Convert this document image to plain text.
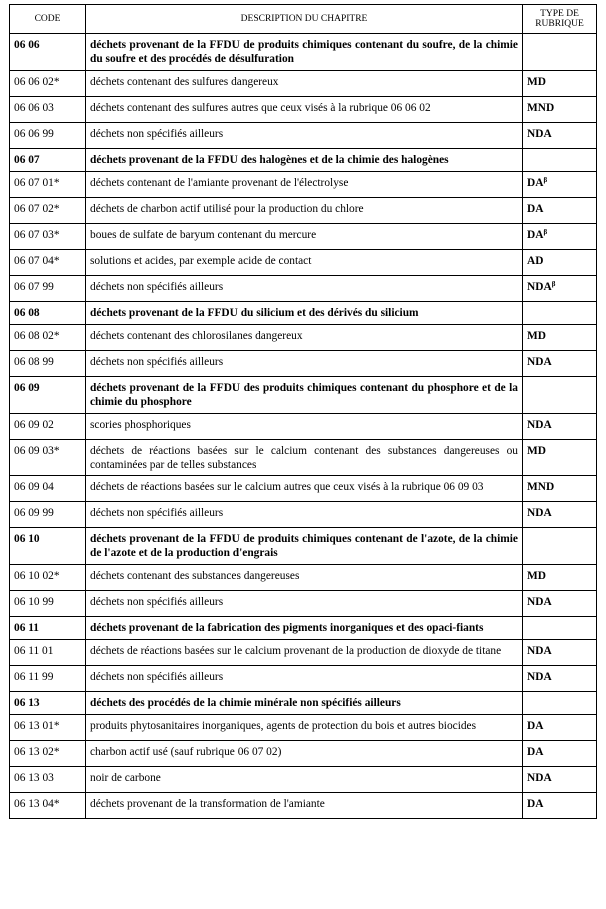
CODE	DESCRIPTION DU CHAPITRE	TYPE DE RUBRIQUE
06 06	déchets provenant de la FFDU de produits chimiques contenant du soufre, de la chimie du soufre et des procédés de désulfuration	
06 06 02*	déchets contenant des sulfures dangereux	MD
06 06 03	déchets contenant des sulfures autres que ceux visés à la rubrique 06 06 02	MND
06 06 99	déchets non spécifiés ailleurs	NDA
06 07	déchets provenant de la FFDU des halogènes et de la chimie des halogènes	
06 07 01*	déchets contenant de l'amiante provenant de l'électrolyse	$DA^\beta$
06 07 02*	déchets de charbon actif utilisé pour la production du chlore	DA
06 07 03*	boues de sulfate de baryum contenant du mercure	$DA^\beta$
06 07 04*	solutions et acides, par exemple acide de contact	AD
06 07 99	déchets non spécifiés ailleurs	$NDA^\beta$
06 08	déchets provenant de la FFDU du silicium et des dérivés du silicium	
06 08 02*	déchets contenant des chlorosilanes dangereux	MD
06 08 99	déchets non spécifiés ailleurs	NDA
06 09	déchets provenant de la FFDU des produits chimiques contenant du phosphore et de la chimie du phosphore	
06 09 02	scories phosphoriques	NDA
06 09 03*	déchets de réactions basées sur le calcium contenant des substances dangereuses ou contaminées par de telles substances	MD
06 09 04	déchets de réactions basées sur le calcium autres que ceux visés à la rubrique 06 09 03	MND
06 09 99	déchets non spécifiés ailleurs	NDA
06 10	déchets provenant de la FFDU de produits chimiques contenant de l'azote, de la chimie de l'azote et de la production d'engrais	
06 10 02*	déchets contenant des substances dangereuses	MD
06 10 99	déchets non spécifiés ailleurs	NDA
06 11	déchets provenant de la fabrication des pigments inorganiques et des opaci-fiants	
06 11 01	déchets de réactions basées sur le calcium provenant de la production de dioxyde de titane	NDA
06 11 99	déchets non spécifiés ailleurs	NDA
06 13	déchets des procédés de la chimie minérale non spécifiés ailleurs	
06 13 01*	produits phytosanitaires inorganiques, agents de protection du bois et autres biocides	DA
06 13 02*	charbon actif usé (sauf rubrique 06 07 02)	DA
06 13 03	noir de carbone	NDA
06 13 04*	déchets provenant de la transformation de l'amiante	DA
